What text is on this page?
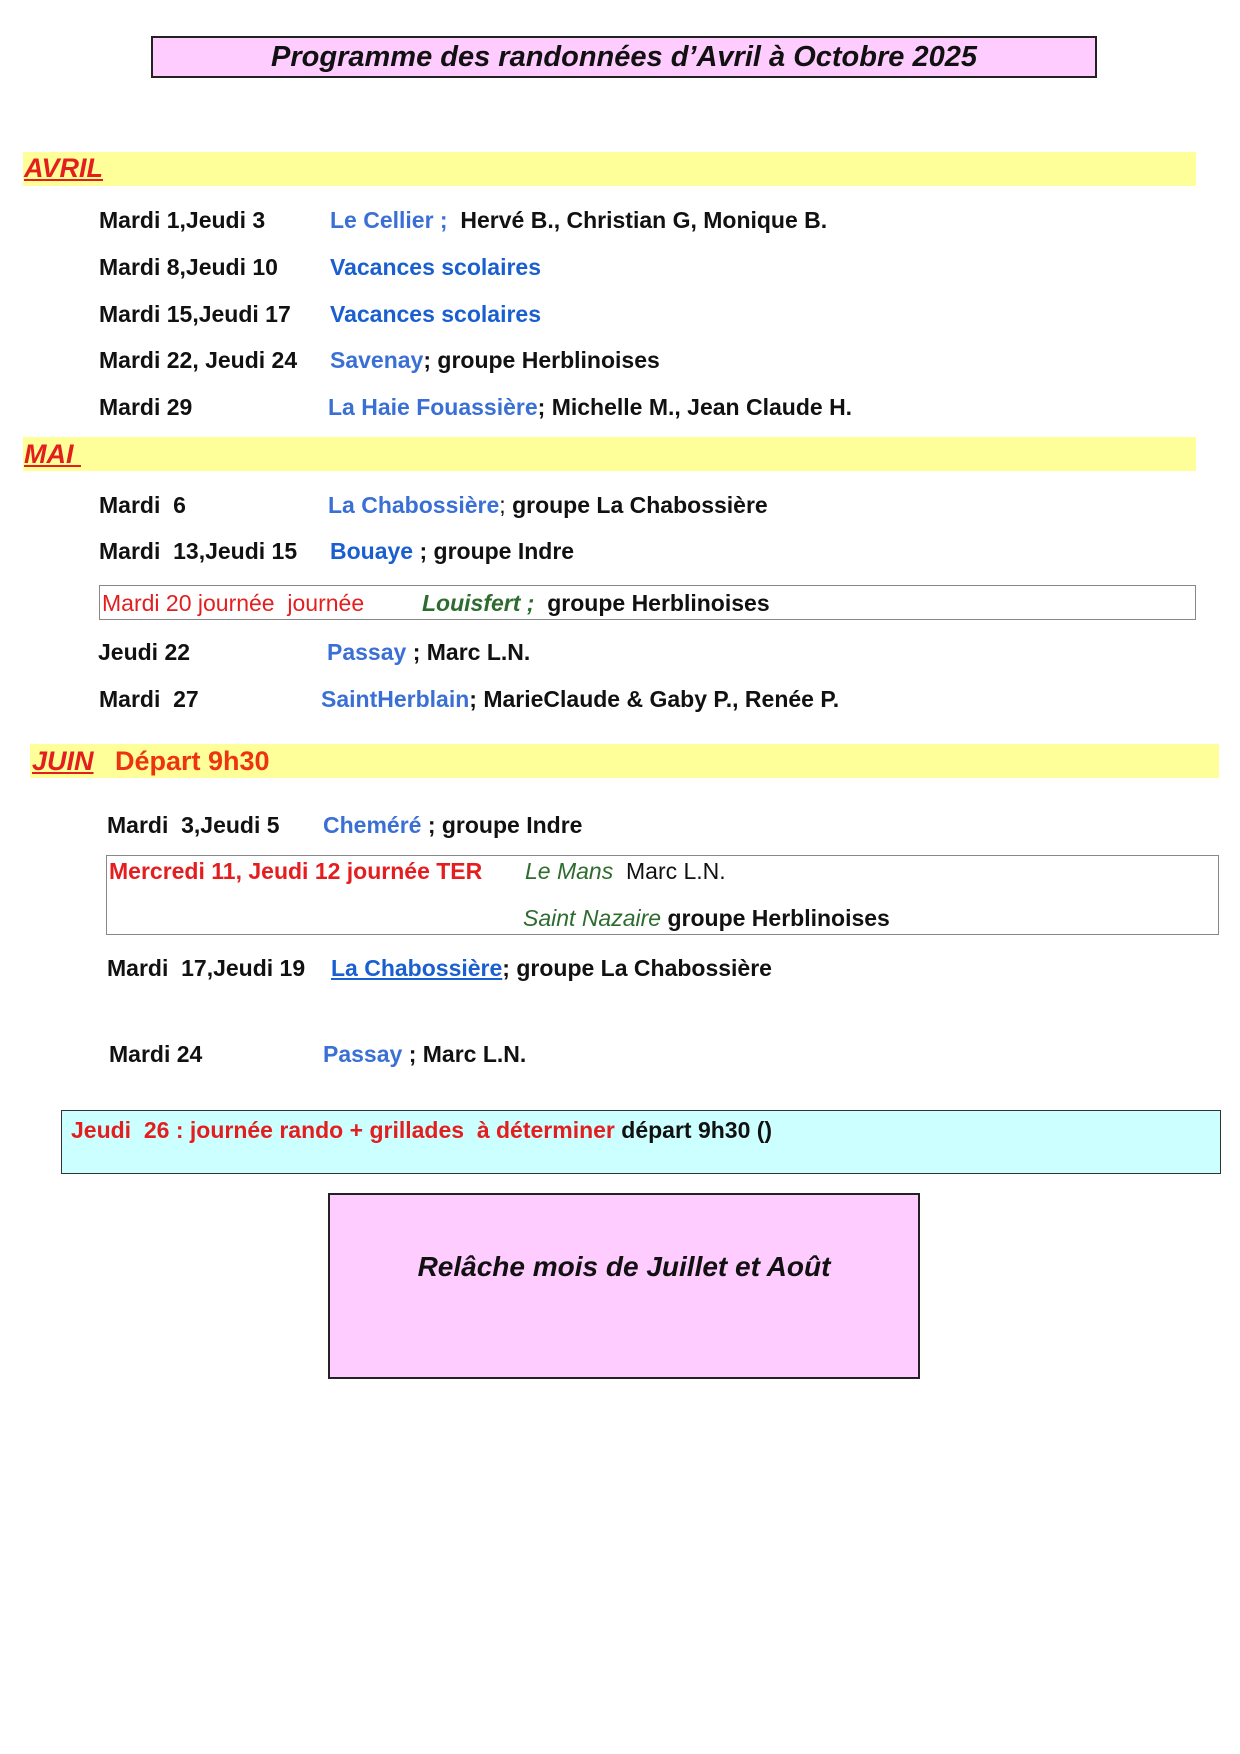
Programme des randonnées d’Avril à Octobre 2025
AVRIL
Mardi 1,Jeudi 3	Le Cellier ; Hervé B., Christian G, Monique B.
Mardi 8,Jeudi 10 Vacances scolaires
Mardi 15,Jeudi 17 Vacances scolaires
Mardi 22, Jeudi 24 Savenay; groupe Herblinoises
Mardi 29	La Haie Fouassière; Michelle M., Jean Claude H.
MAI
Mardi  6	La Chabossière; groupe La Chabossière
Mardi  13,Jeudi 15 Bouaye ; groupe Indre
Mardi 20 journée  journée	Louisfert ; groupe Herblinoises
Jeudi 22	Passay ; Marc L.N.
Mardi  27	SaintHerblain; MarieClaude & Gaby P., Renée P.
JUIN Départ 9h30
Mardi  3,Jeudi 5 Cheméré ; groupe Indre
Mercredi 11, Jeudi 12 journée TER Le Mans Marc L.N.
Saint Nazaire groupe Herblinoises
Mardi  17,Jeudi 19 La Chabossière; groupe La Chabossière
Mardi 24	Passay ; Marc L.N.
Jeudi  26 : journée rando + grillades  à déterminer départ 9h30 ()
Relâche mois de Juillet et Août
